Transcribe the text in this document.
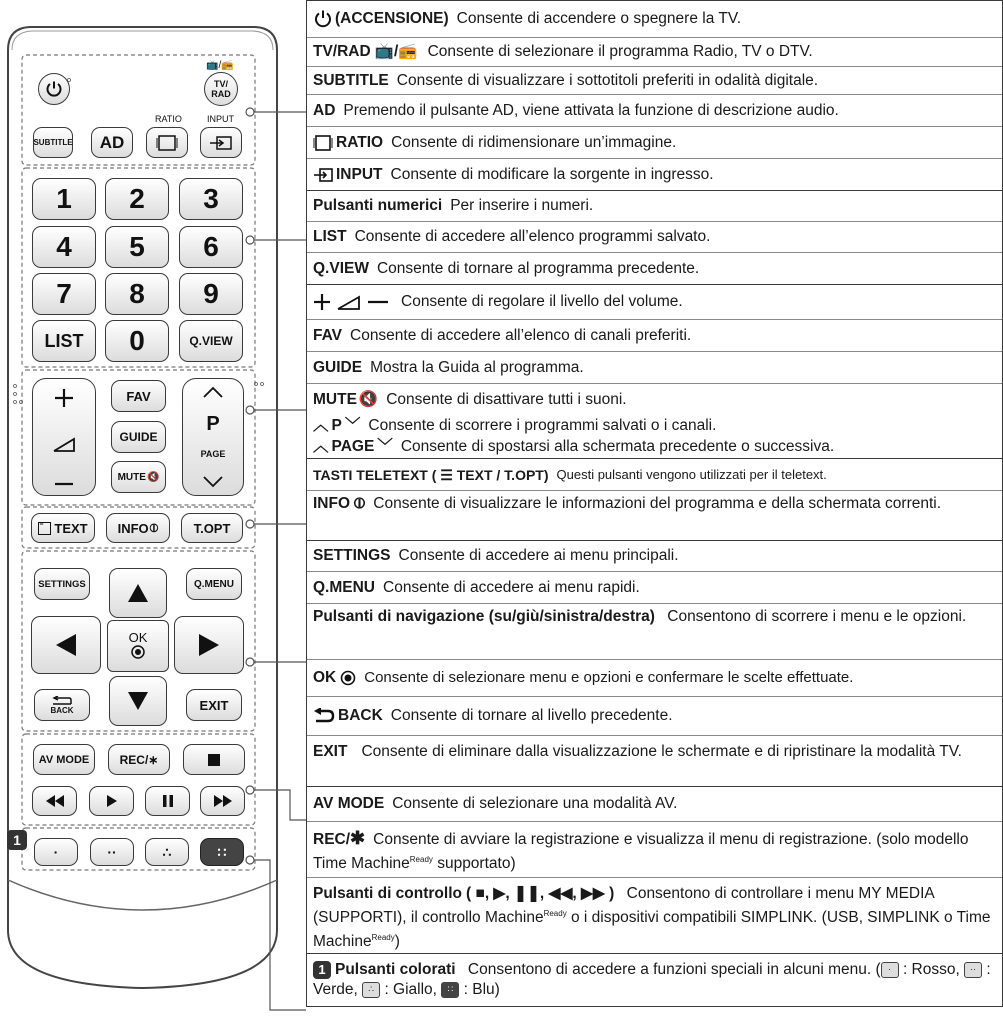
📺/📻
TV/
RAD
SUBTITLE	AD
RATIO	INPUT
1	2	3
4	5	6
7	8	9
LIST	0	Q.VIEW
FAV
GUIDE
MUTE 🔇
P
PAGE
≡ TEXT INFO ⦶	T.OPT
SETTINGS	Q.MENU
EXIT
BACK
OK
AV MODE	REC/∗
1
·	··	∴	∷
(ACCENSIONE) Consente di accendere o spegnere la TV.
TV/RAD 📺/📻 Consente di selezionare il programma Radio, TV o DTV.
SUBTITLE Consente di visualizzare i sottotitoli preferiti in odalità digitale.
AD Premendo il pulsante AD, viene attivata la funzione di descrizione audio.
RATIO Consente di ridimensionare un’immagine.
INPUT Consente di modificare la sorgente in ingresso.
Pulsanti numerici Per inserire i numeri.
LIST Consente di accedere all’elenco programmi salvato.
Q.VIEW Consente di tornare al programma precedente.
Consente di regolare il livello del volume.
FAV Consente di accedere all’elenco di canali preferiti.
GUIDE Mostra la Guida al programma.
MUTE 🔇 Consente di disattivare tutti i suoni.
︿ P ﹀ Consente di scorrere i programmi salvati o i canali.
︿ PAGE ﹀ Consente di spostarsi alla schermata precedente o successiva.
TASTI TELETEXT ( ☰ TEXT / T.OPT) Questi pulsanti vengono utilizzati per il teletext.
INFO ⦶ Consente di visualizzare le informazioni del programma e della schermata correnti.
SETTINGS Consente di accedere ai menu principali.
Q.MENU Consente di accedere ai menu rapidi.
Pulsanti di navigazione (su/giù/sinistra/destra) Consentono di scorrere i menu e le opzioni.
OK Consente di selezionare menu e opzioni e confermare le scelte effettuate.
BACK Consente di tornare al livello precedente.
EXIT Consente di eliminare dalla visualizzazione le schermate e di ripristinare la modalità TV.
AV MODE Consente di selezionare una modalità AV.
REC/✱ Consente di avviare la registrazione e visualizza il menu di registrazione. (solo modello Time Machine$^{Ready}$ supportato)
Pulsanti di controllo ( ■, ▶, ❚❚, ◀◀, ▶▶ ) Consentono di controllare i menu MY MEDIA (SUPPORTI), il controllo Machine$^{Ready}$ o i dispositivi compatibili SIMPLINK. (USB, SIMPLINK o Time Machine$^{Ready}$)
1 Pulsanti colorati Consentono di accedere a funzioni speciali in alcuni menu. ( · : Rosso, ·· : Verde, ∴ : Giallo, ∷ : Blu)
